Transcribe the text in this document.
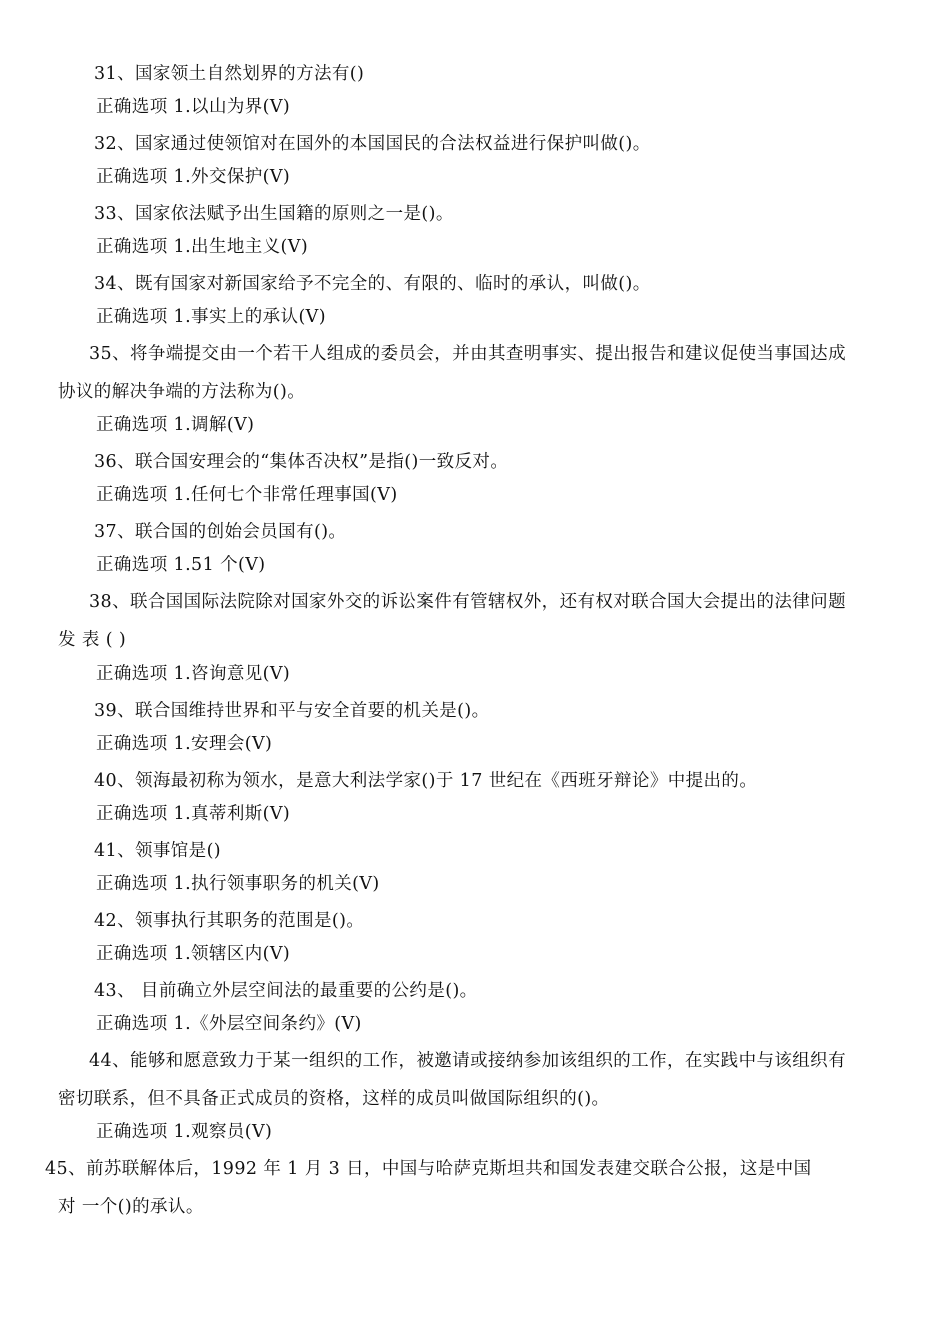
31、国家领土自然划界的方法有()
正确选项 1.以山为界(V)
32、国家通过使领馆对在国外的本国国民的合法权益进行保护叫做()。
正确选项 1.外交保护(V)
33、国家依法赋予出生国籍的原则之一是()。
正确选项 1.出生地主义(V)
34、既有国家对新国家给予不完全的、有限的、临时的承认，叫做()。
正确选项 1.事实上的承认(V)
35、将争端提交由一个若干人组成的委员会，并由其查明事实、提出报告和建议促使当事国达成
协议的解决争端的方法称为()。
正确选项 1.调解(V)
36、联合国安理会的“集体否决权”是指()一致反对。
正确选项 1.任何七个非常任理事国(V)
37、联合国的创始会员国有()。
正确选项 1.51 个(V)
38、联合国国际法院除对国家外交的诉讼案件有管辖权外，还有权对联合国大会提出的法律问题
发 表 ( )
正确选项 1.咨询意见(V)
39、联合国维持世界和平与安全首要的机关是()。
正确选项 1.安理会(V)
40、领海最初称为领水，是意大利法学家()于 17 世纪在《西班牙辩论》中提出的。
正确选项 1.真蒂利斯(V)
41、领事馆是()
正确选项 1.执行领事职务的机关(V)
42、领事执行其职务的范围是()。
正确选项 1.领辖区内(V)
43、 目前确立外层空间法的最重要的公约是()。
正确选项 1.《外层空间条约》(V)
44、能够和愿意致力于某一组织的工作，被邀请或接纳参加该组织的工作，在实践中与该组织有
密切联系，但不具备正式成员的资格，这样的成员叫做国际组织的()。
正确选项 1.观察员(V)
45、前苏联解体后，1992 年 1 月 3 日，中国与哈萨克斯坦共和国发表建交联合公报，这是中国
对 一个()的承认。
